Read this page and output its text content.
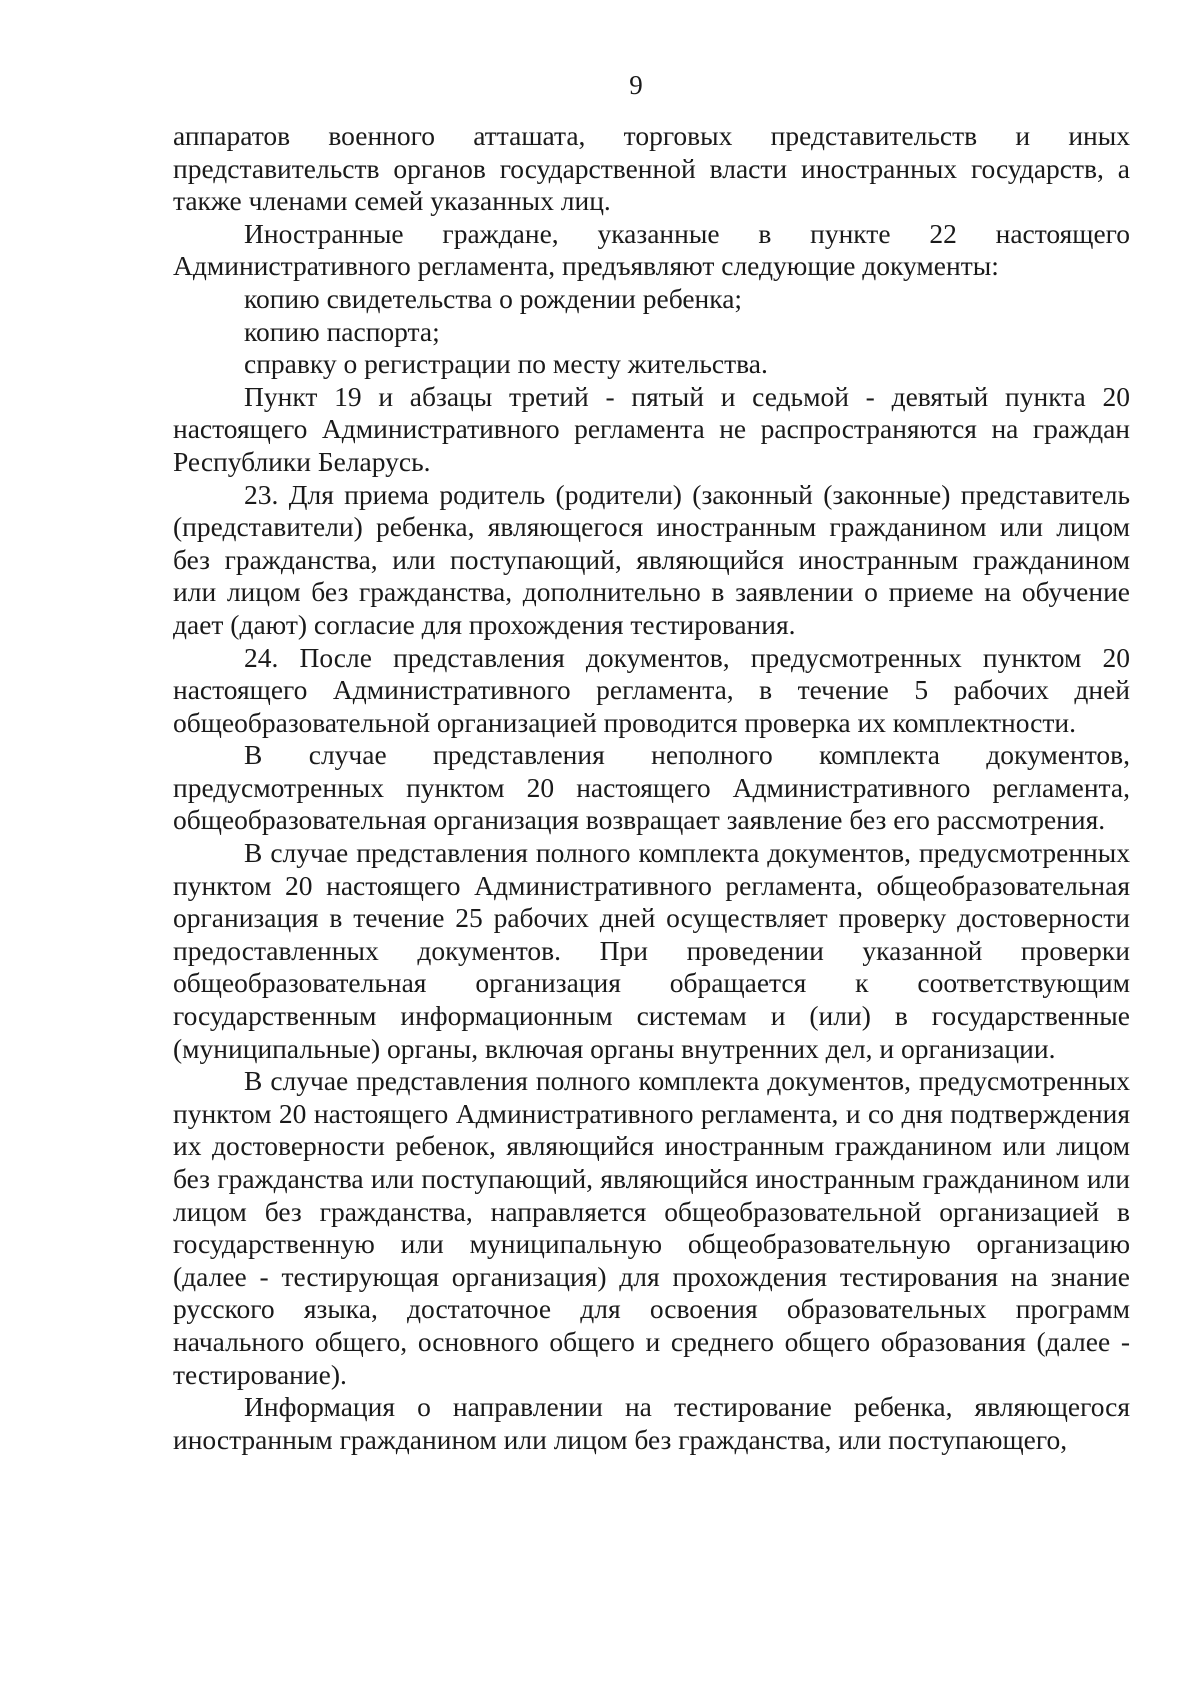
9

аппаратов военного атташата, торговых представительств и иных представительств органов государственной власти иностранных государств, а также членами семей указанных лиц.

Иностранные граждане, указанные в пункте 22 настоящего Административного регламента, предъявляют следующие документы:

копию свидетельства о рождении ребенка;

копию паспорта;

справку о регистрации по месту жительства.

Пункт 19 и абзацы третий - пятый и седьмой - девятый пункта 20 настоящего Административного регламента не распространяются на граждан Республики Беларусь.

23. Для приема родитель (родители) (законный (законные) представитель (представители) ребенка, являющегося иностранным гражданином или лицом без гражданства, или поступающий, являющийся иностранным гражданином или лицом без гражданства, дополнительно в заявлении о приеме на обучение дает (дают) согласие для прохождения тестирования.

24. После представления документов, предусмотренных пунктом 20 настоящего Административного регламента, в течение 5 рабочих дней общеобразовательной организацией проводится проверка их комплектности.

В случае представления неполного комплекта документов, предусмотренных пунктом 20 настоящего Административного регламента, общеобразовательная организация возвращает заявление без его рассмотрения.

В случае представления полного комплекта документов, предусмотренных пунктом 20 настоящего Административного регламента, общеобразовательная организация в течение 25 рабочих дней осуществляет проверку достоверности предоставленных документов. При проведении указанной проверки общеобразовательная организация обращается к соответствующим государственным информационным системам и (или) в государственные (муниципальные) органы, включая органы внутренних дел, и организации.

В случае представления полного комплекта документов, предусмотренных пунктом 20 настоящего Административного регламента, и со дня подтверждения их достоверности ребенок, являющийся иностранным гражданином или лицом без гражданства или поступающий, являющийся иностранным гражданином или лицом без гражданства, направляется общеобразовательной организацией в государственную или муниципальную общеобразовательную организацию (далее - тестирующая организация) для прохождения тестирования на знание русского языка, достаточное для освоения образовательных программ начального общего, основного общего и среднего общего образования (далее - тестирование).

Информация о направлении на тестирование ребенка, являющегося иностранным гражданином или лицом без гражданства, или поступающего,
